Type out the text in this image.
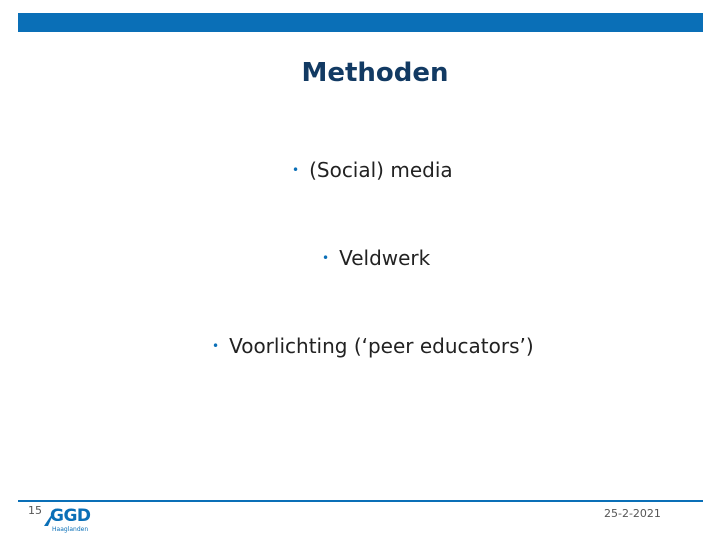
Methoden
• (Social) media
• Veldwerk
• Voorlichting (‘peer educators’)
15 GGD
Haaglanden
25-2-2021
